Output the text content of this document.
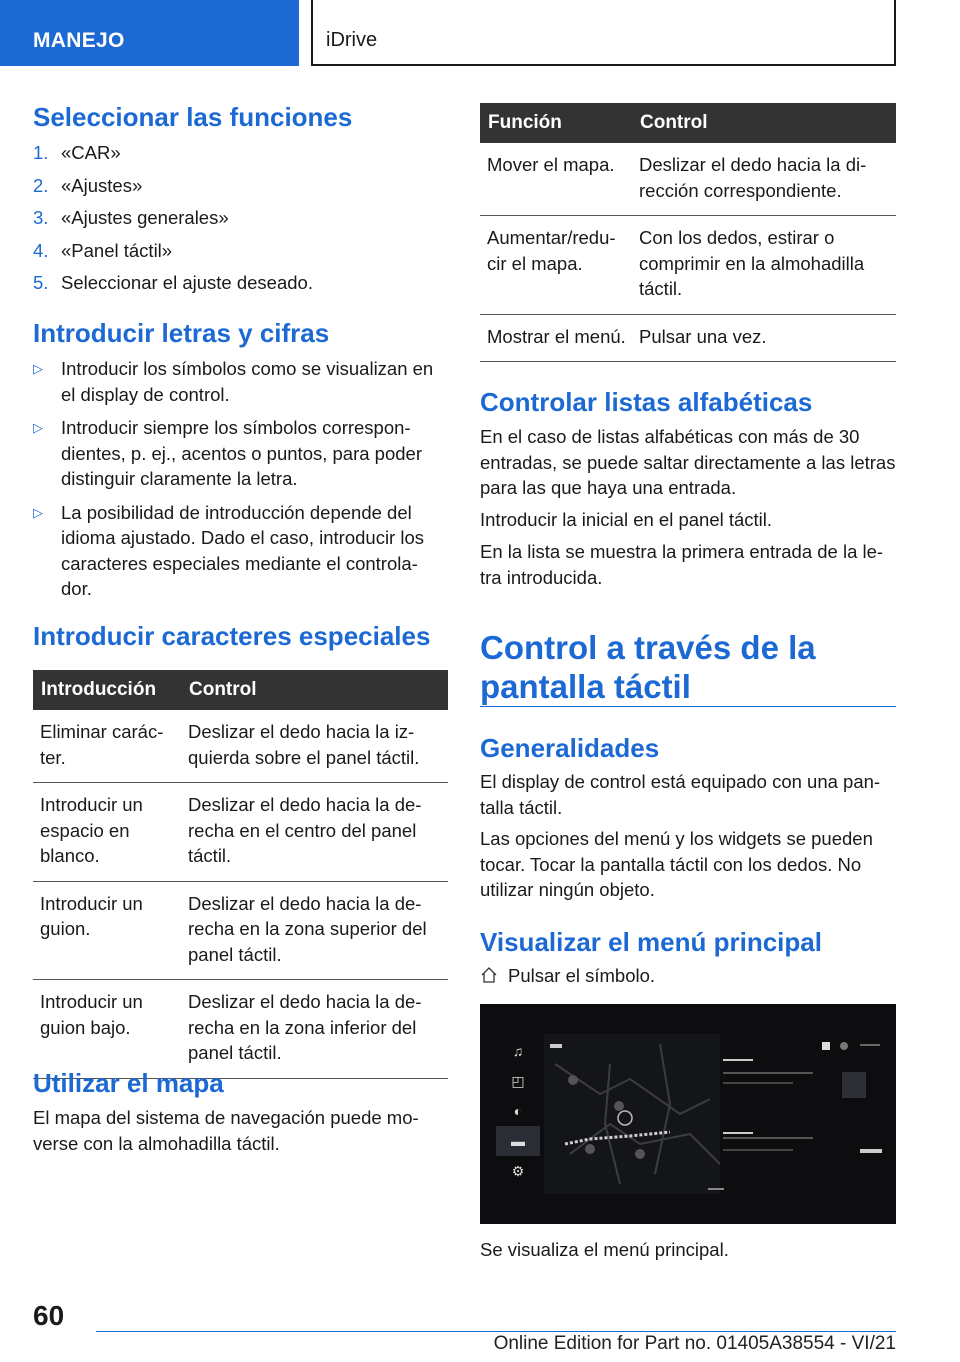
MANEJO	iDrive
Seleccionar las funciones
1. «CAR»
2. «Ajustes»
3. «Ajustes generales»
4. «Panel táctil»
5. Seleccionar el ajuste deseado.
Introducir letras y cifras
▷ Introducir los símbolos como se visualizan en el display de control.
▷ Introducir siempre los símbolos correspon‐dientes, p. ej., acentos o puntos, para poder distinguir claramente la letra.
▷ La posibilidad de introducción depende del idioma ajustado. Dado el caso, introducir los caracteres especiales mediante el controla‐dor.
Introducir caracteres especiales
Introducción	Control
Eliminar carác‐ter.	Deslizar el dedo hacia la iz‐quierda sobre el panel táctil.
Introducir un espacio en blanco.	Deslizar el dedo hacia la de‐recha en el centro del panel táctil.
Introducir un guion.	Deslizar el dedo hacia la de‐recha en la zona superior del panel táctil.
Introducir un guion bajo.	Deslizar el dedo hacia la de‐recha en la zona inferior del panel táctil.
Utilizar el mapa

El mapa del sistema de navegación puede mo‐verse con la almohadilla táctil.

Función	Control
Mover el mapa.	Deslizar el dedo hacia la di‐rección correspondiente.
Aumentar/redu‐cir el mapa.	Con los dedos, estirar o comprimir en la almohadilla táctil.
Mostrar el menú.	Pulsar una vez.
Controlar listas alfabéticas

En el caso de listas alfabéticas con más de 30 entradas, se puede saltar directamente a las letras para las que haya una entrada.

Introducir la inicial en el panel táctil.

En la lista se muestra la primera entrada de la le‐tra introducida.

Control a través de la pantalla táctil
Generalidades

El display de control está equipado con una pan‐talla táctil.

Las opciones del menú y los widgets se pueden tocar. Tocar la pantalla táctil con los dedos. No utilizar ningún objeto.

Visualizar el menú principal
Pulsar el símbolo.

Se visualiza el menú principal.

♫
◰
◐
▬
⚙
60
Online Edition for Part no. 01405A38554 - VI/21
